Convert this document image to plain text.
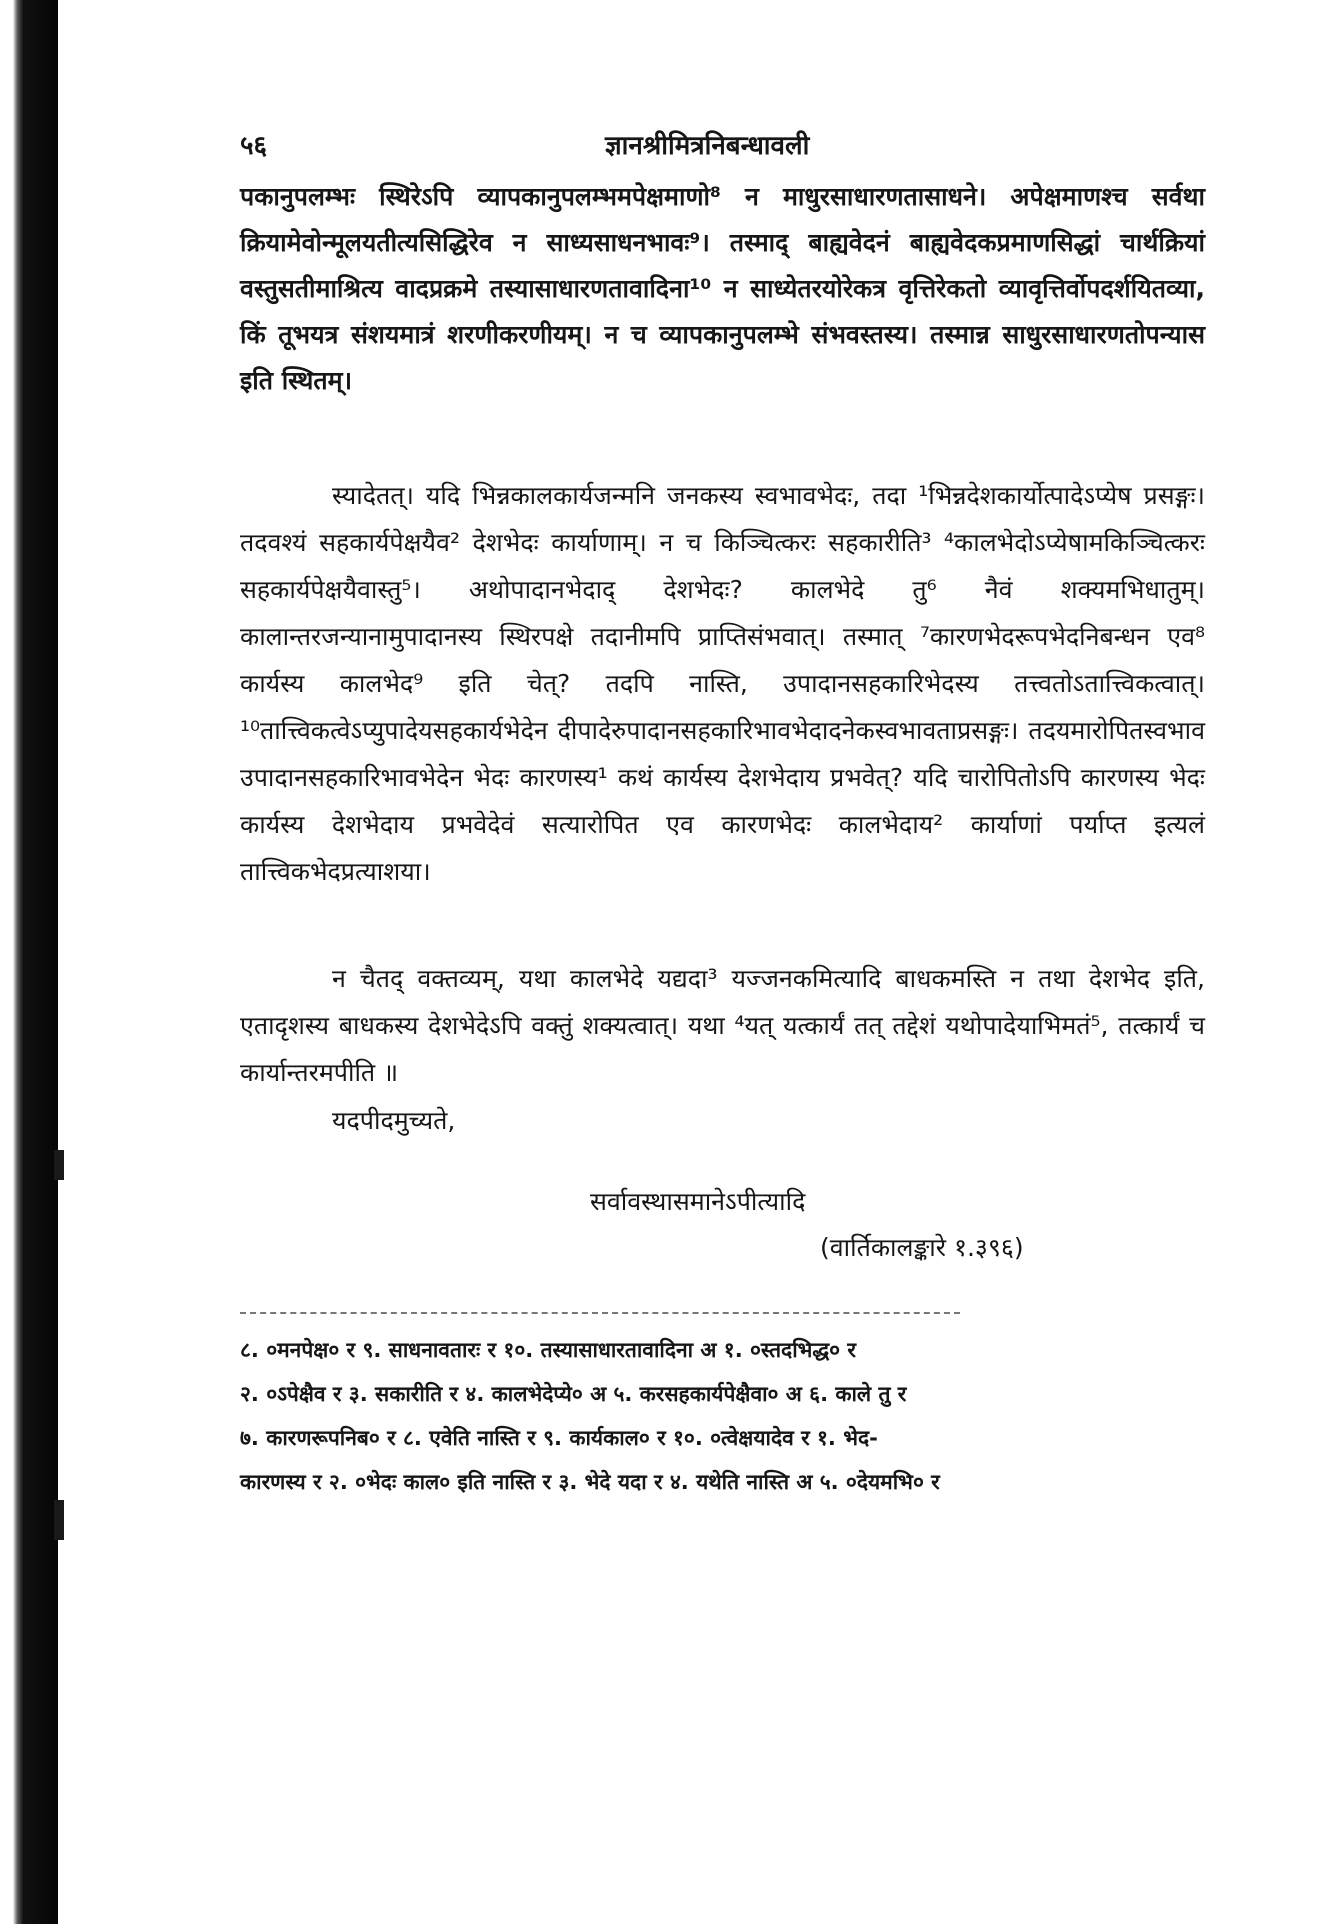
५६	ज्ञानश्रीमित्रनिबन्धावली

पकानुपलम्भः स्थिरेऽपि व्यापकानुपलम्भमपेक्षमाणो⁸ न माधुरसाधारणतासाधने। अपेक्षमाणश्च सर्वथा क्रियामेवोन्मूलयतीत्यसिद्धिरेव न साध्यसाधनभावः⁹। तस्माद् बाह्यवेदनं बाह्यवेदकप्रमाणसिद्धां चार्थक्रियां वस्तुसतीमाश्रित्य वादप्रक्रमे तस्यासाधारणतावादिना¹⁰ न साध्येतरयोरेकत्र वृत्तिरेकतो व्यावृत्तिर्वोपदर्शयितव्या, किं तूभयत्र संशयमात्रं शरणीकरणीयम्। न च व्यापकानुपलम्भे संभवस्तस्य। तस्मान्न साधुरसाधारणतोपन्यास इति स्थितम्।

स्यादेतत्। यदि भिन्नकालकार्यजन्मनि जनकस्य स्वभावभेदः, तदा ¹भिन्नदेशकार्योत्पादेऽप्येष प्रसङ्गः। तदवश्यं सहकार्यपेक्षयैव² देशभेदः कार्याणाम्। न च किञ्चित्करः सहकारीति³ ⁴कालभेदोऽप्येषामकिञ्चित्करः सहकार्यपेक्षयैवास्तु⁵। अथोपादानभेदाद् देशभेदः? कालभेदे तु⁶ नैवं शक्यमभिधातुम्। कालान्तरजन्यानामुपादानस्य स्थिरपक्षे तदानीमपि प्राप्तिसंभवात्। तस्मात् ⁷कारणभेदरूपभेदनिबन्धन एव⁸ कार्यस्य कालभेद⁹ इति चेत्? तदपि नास्ति, उपादानसहकारिभेदस्य तत्त्वतोऽतात्त्विकत्वात्। ¹⁰तात्त्विकत्वेऽप्युपादेयसहकार्यभेदेन दीपादेरुपादानसहकारिभावभेदादनेकस्वभावताप्रसङ्गः। तदयमारोपितस्वभाव उपादानसहकारिभावभेदेन भेदः कारणस्य¹ कथं कार्यस्य देशभेदाय प्रभवेत्? यदि चारोपितोऽपि कारणस्य भेदः कार्यस्य देशभेदाय प्रभवेदेवं सत्यारोपित एव कारणभेदः कालभेदाय² कार्याणां पर्याप्त इत्यलं तात्त्विकभेदप्रत्याशया।

न चैतद् वक्तव्यम्, यथा कालभेदे यद्यदा³ यज्जनकमित्यादि बाधकमस्ति न तथा देशभेद इति, एतादृशस्य बाधकस्य देशभेदेऽपि वक्तुं शक्यत्वात्। यथा ⁴यत् यत्कार्यं तत् तद्देशं यथोपादेयाभिमतं⁵, तत्कार्यं च कार्यान्तरमपीति ॥

यदपीदमुच्यते,
सर्वावस्थासमानेऽपीत्यादि
(वार्तिकालङ्कारे १.३९६)
८. ०मनपेक्ष० र ९. साधनावतारः र १०. तस्यासाधारतावादिना अ १. ०स्तदभिद्ध० र
२. ०ऽपेक्षैव र ३. सकारीति र ४. कालभेदेप्ये० अ ५. करसहकार्यपेक्षैवा० अ ६. काले तु र
७. कारणरूपनिब० र ८. एवेति नास्ति र ९. कार्यकाल० र १०. ०त्वेक्षयादेव र १. भेद-
कारणस्य र २. ०भेदः काल० इति नास्ति र ३. भेदे यदा र ४. यथेति नास्ति अ ५. ०देयमभि० र
